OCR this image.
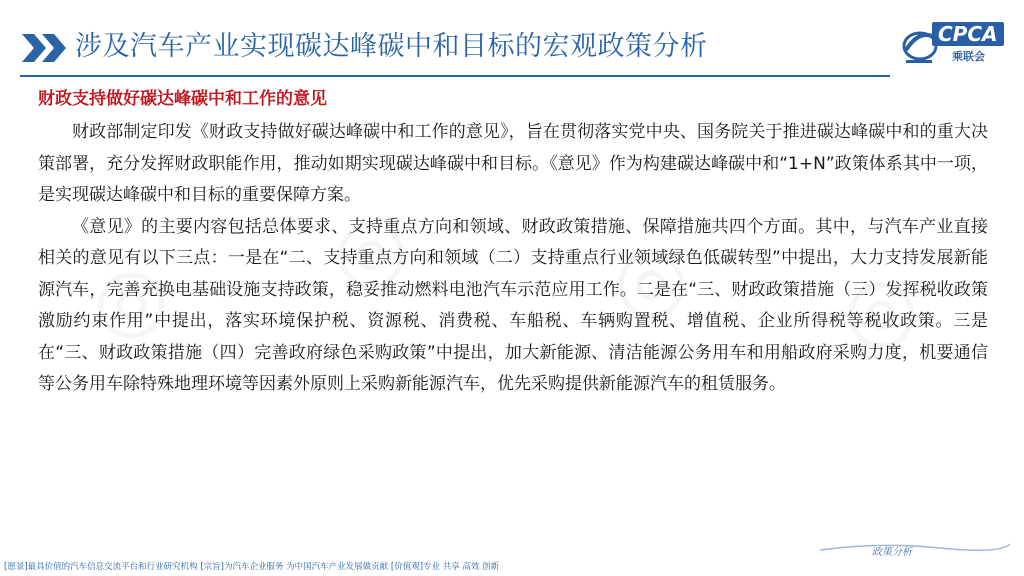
◎ ◎ ◎ ◎
涉及汽车产业实现碳达峰碳中和目标的宏观政策分析	CPCA
乘联会
财政支持做好碳达峰碳中和工作的意见

财政部制定印发《财政支持做好碳达峰碳中和工作的意见》，旨在贯彻落实党中央、国务院关于推进碳达峰碳中和的重大决策部署，充分发挥财政职能作用，推动如期实现碳达峰碳中和目标。《意见》作为构建碳达峰碳中和“1+N”政策体系其中一项，是实现碳达峰碳中和目标的重要保障方案。

《意见》的主要内容包括总体要求、支持重点方向和领域、财政政策措施、保障措施共四个方面。其中，与汽车产业直接相关的意见有以下三点：一是在“二、支持重点方向和领域（二）支持重点行业领域绿色低碳转型”中提出，大力支持发展新能源汽车，完善充换电基础设施支持政策，稳妥推动燃料电池汽车示范应用工作。二是在“三、财政政策措施（三）发挥税收政策激励约束作用”中提出，落实环境保护税、资源税、消费税、车船税、车辆购置税、增值税、企业所得税等税收政策。三是在“三、财政政策措施（四）完善政府绿色采购政策”中提出，加大新能源、清洁能源公务用车和用船政府采购力度，机要通信等公务用车除特殊地理环境等因素外原则上采购新能源汽车，优先采购提供新能源汽车的租赁服务。

政策分析
[愿景]最具价值的汽车信息交流平台和行业研究机构 [宗旨]为汽车企业服务 为中国汽车产业发展做贡献 [价值观]专业 共享 高效 创新
